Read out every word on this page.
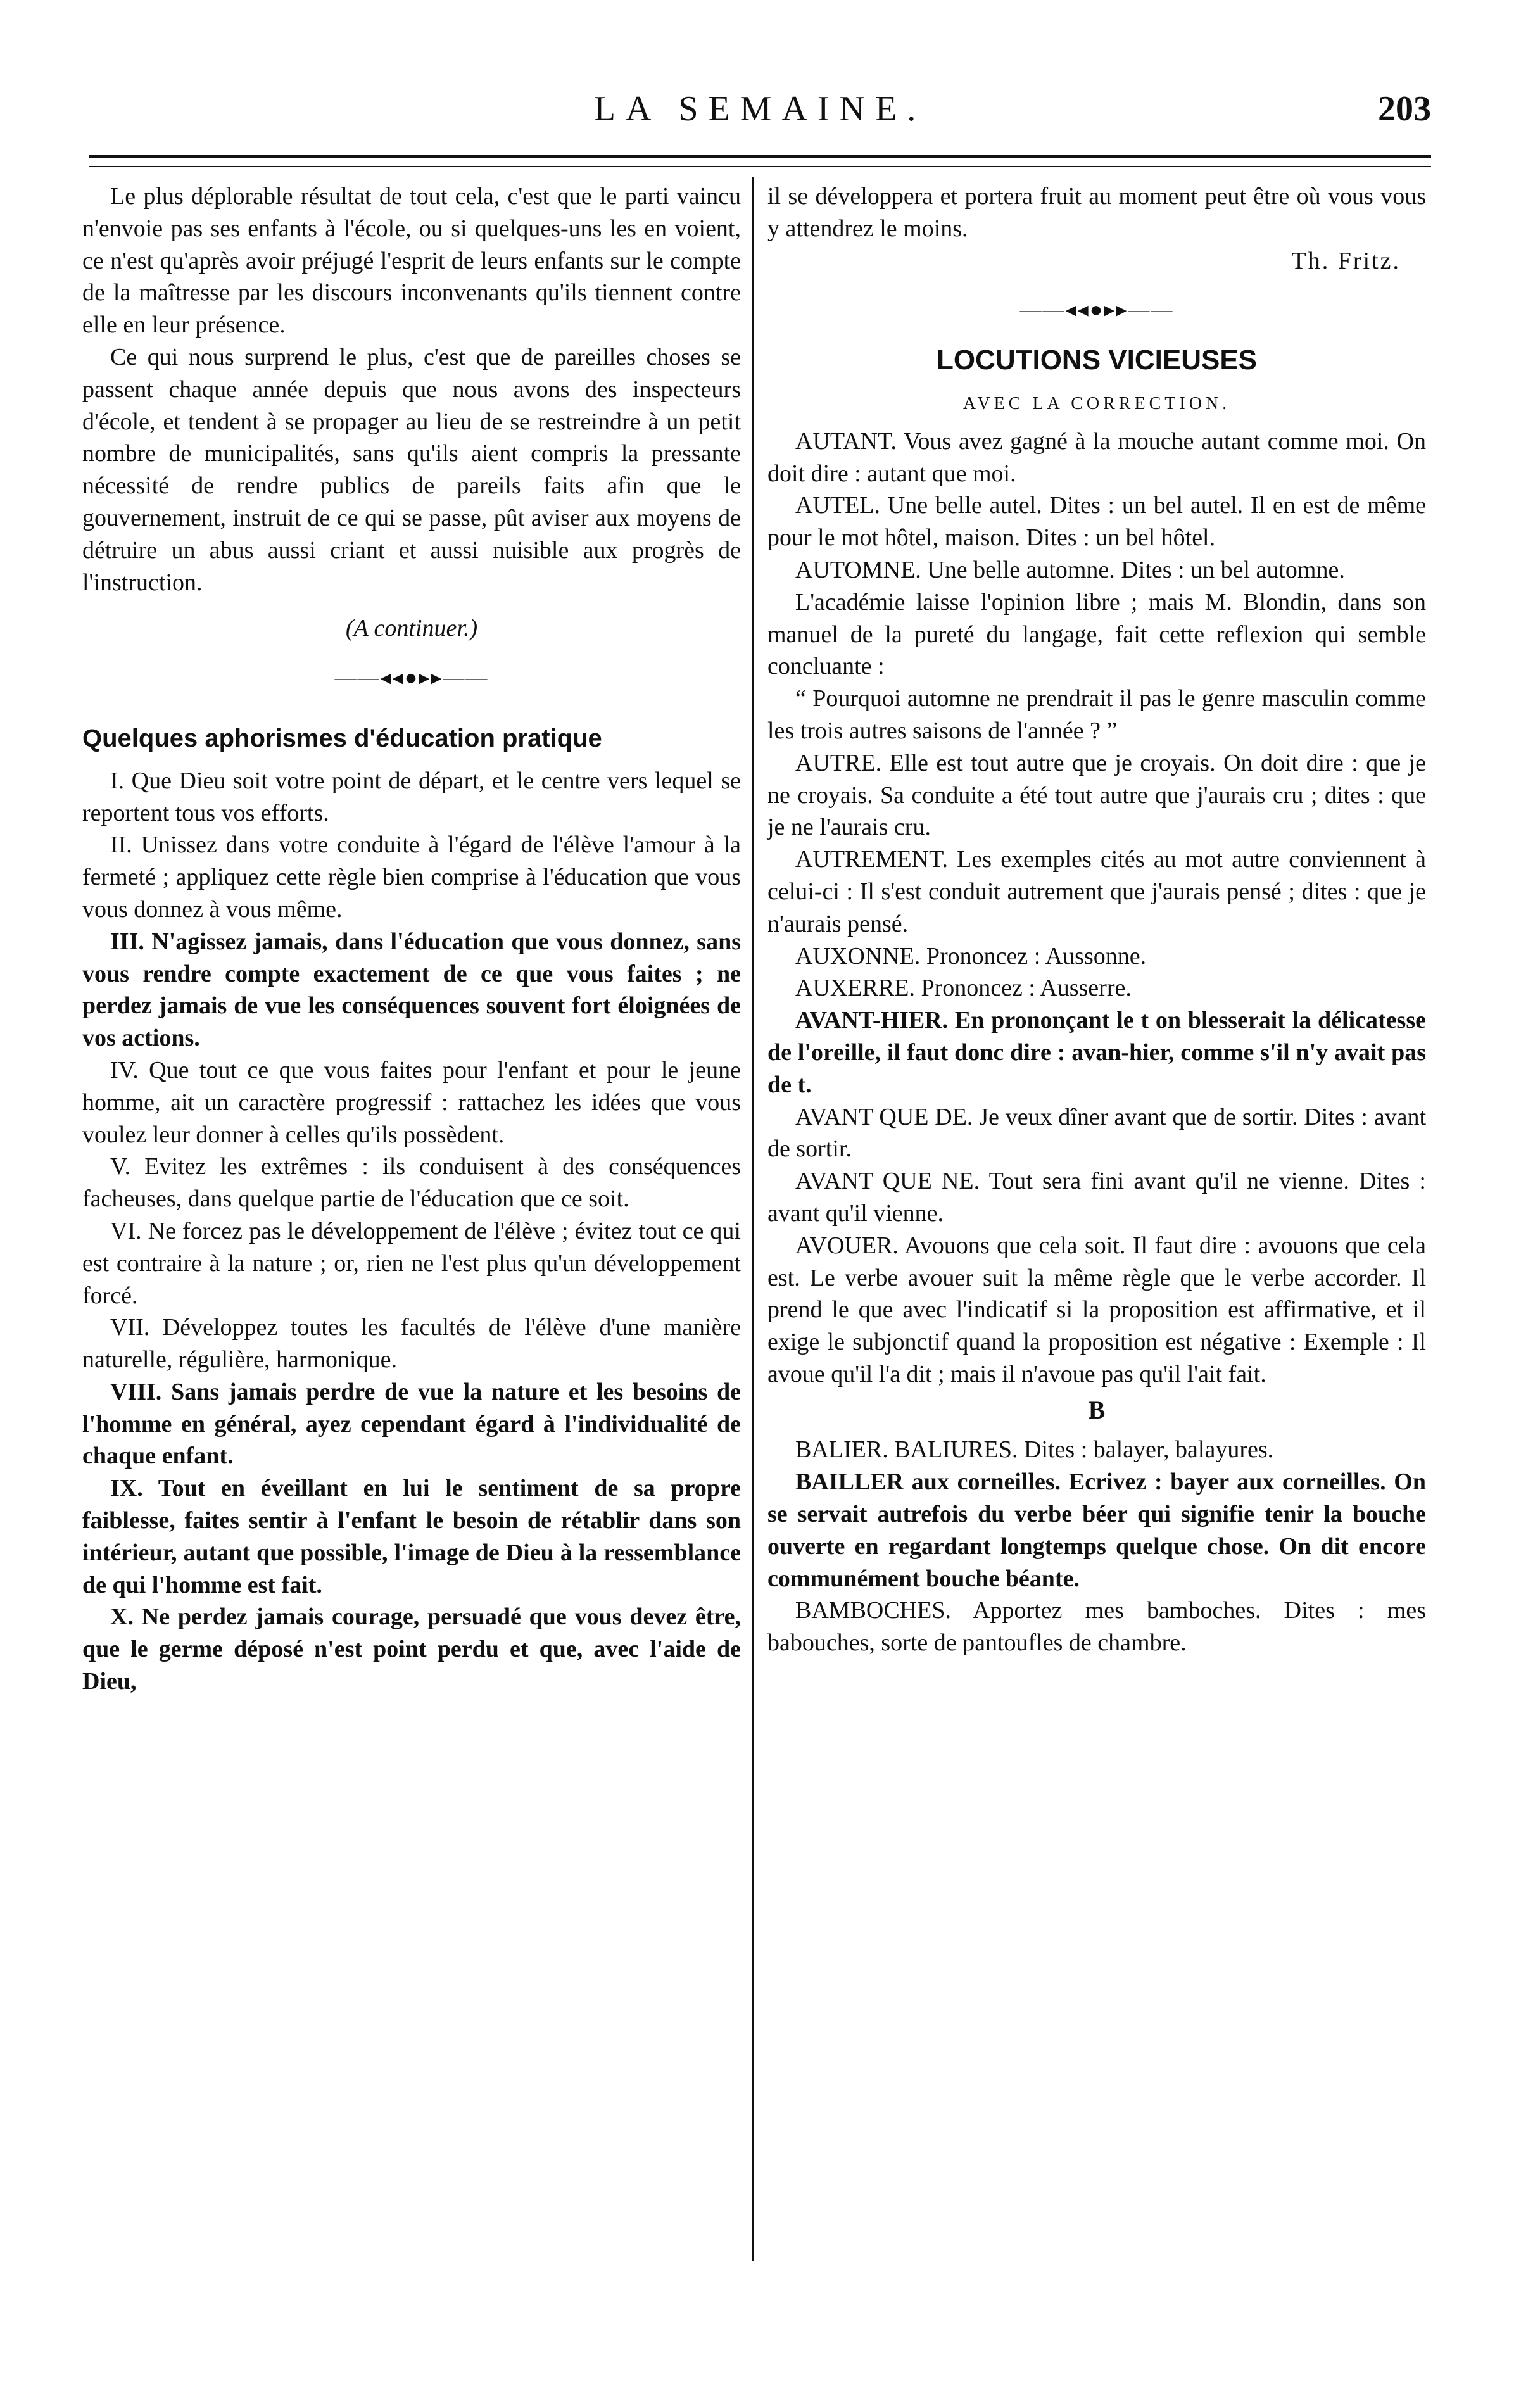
LA SEMAINE.	203

Le plus déplorable résultat de tout cela, c'est que le parti vaincu n'envoie pas ses enfants à l'école, ou si quelques-uns les en voient, ce n'est qu'après avoir préjugé l'esprit de leurs enfants sur le compte de la maîtresse par les discours inconvenants qu'ils tiennent contre elle en leur présence.

Ce qui nous surprend le plus, c'est que de pareilles choses se passent chaque année depuis que nous avons des inspecteurs d'école, et tendent à se propager au lieu de se restreindre à un petit nombre de municipalités, sans qu'ils aient compris la pressante nécessité de rendre publics de pareils faits afin que le gouvernement, instruit de ce qui se passe, pût aviser aux moyens de détruire un abus aussi criant et aussi nuisible aux progrès de l'instruction.

(A continuer.)

——◂◂●▸▸——

Quelques aphorismes d'éducation pratique

I. Que Dieu soit votre point de départ, et le centre vers lequel se reportent tous vos efforts.

II. Unissez dans votre conduite à l'égard de l'élève l'amour à la fermeté ; appliquez cette règle bien comprise à l'éducation que vous vous donnez à vous même.

III. N'agissez jamais, dans l'éducation que vous donnez, sans vous rendre compte exactement de ce que vous faites ; ne perdez jamais de vue les conséquences souvent fort éloignées de vos actions.

IV. Que tout ce que vous faites pour l'enfant et pour le jeune homme, ait un caractère progressif : rattachez les idées que vous voulez leur donner à celles qu'ils possèdent.

V. Evitez les extrêmes : ils conduisent à des conséquences facheuses, dans quelque partie de l'éducation que ce soit.

VI. Ne forcez pas le développement de l'élève ; évitez tout ce qui est contraire à la nature ; or, rien ne l'est plus qu'un développement forcé.

VII. Développez toutes les facultés de l'élève d'une manière naturelle, régulière, harmonique.

VIII. Sans jamais perdre de vue la nature et les besoins de l'homme en général, ayez cependant égard à l'individualité de chaque enfant.

IX. Tout en éveillant en lui le sentiment de sa propre faiblesse, faites sentir à l'enfant le besoin de rétablir dans son intérieur, autant que possible, l'image de Dieu à la ressemblance de qui l'homme est fait.

X. Ne perdez jamais courage, persuadé que vous devez être, que le germe déposé n'est point perdu et que, avec l'aide de Dieu,

il se développera et portera fruit au moment peut être où vous vous y attendrez le moins.

Th. Fritz.

——◂◂●▸▸——

LOCUTIONS VICIEUSES

AVEC LA CORRECTION.

AUTANT. Vous avez gagné à la mouche autant comme moi. On doit dire : autant que moi.

AUTEL. Une belle autel. Dites : un bel autel. Il en est de même pour le mot hôtel, maison. Dites : un bel hôtel.

AUTOMNE. Une belle automne. Dites : un bel automne.

L'académie laisse l'opinion libre ; mais M. Blondin, dans son manuel de la pureté du langage, fait cette reflexion qui semble concluante :

“ Pourquoi automne ne prendrait il pas le genre masculin comme les trois autres saisons de l'année ? ”

AUTRE. Elle est tout autre que je croyais. On doit dire : que je ne croyais. Sa conduite a été tout autre que j'aurais cru ; dites : que je ne l'aurais cru.

AUTREMENT. Les exemples cités au mot autre conviennent à celui-ci : Il s'est conduit autrement que j'aurais pensé ; dites : que je n'aurais pensé.

AUXONNE. Prononcez : Aussonne.

AUXERRE. Prononcez : Ausserre.

AVANT-HIER. En prononçant le t on blesserait la délicatesse de l'oreille, il faut donc dire : avan-hier, comme s'il n'y avait pas de t.

AVANT QUE DE. Je veux dîner avant que de sortir. Dites : avant de sortir.

AVANT QUE NE. Tout sera fini avant qu'il ne vienne. Dites : avant qu'il vienne.

AVOUER. Avouons que cela soit. Il faut dire : avouons que cela est. Le verbe avouer suit la même règle que le verbe accorder. Il prend le que avec l'indicatif si la proposition est affirmative, et il exige le subjonctif quand la proposition est négative : Exemple : Il avoue qu'il l'a dit ; mais il n'avoue pas qu'il l'ait fait.

B

BALIER. BALIURES. Dites : balayer, balayures.

BAILLER aux corneilles. Ecrivez : bayer aux corneilles. On se servait autrefois du verbe béer qui signifie tenir la bouche ouverte en regardant longtemps quelque chose. On dit encore communément bouche béante.

BAMBOCHES. Apportez mes bamboches. Dites : mes babouches, sorte de pantoufles de chambre.
